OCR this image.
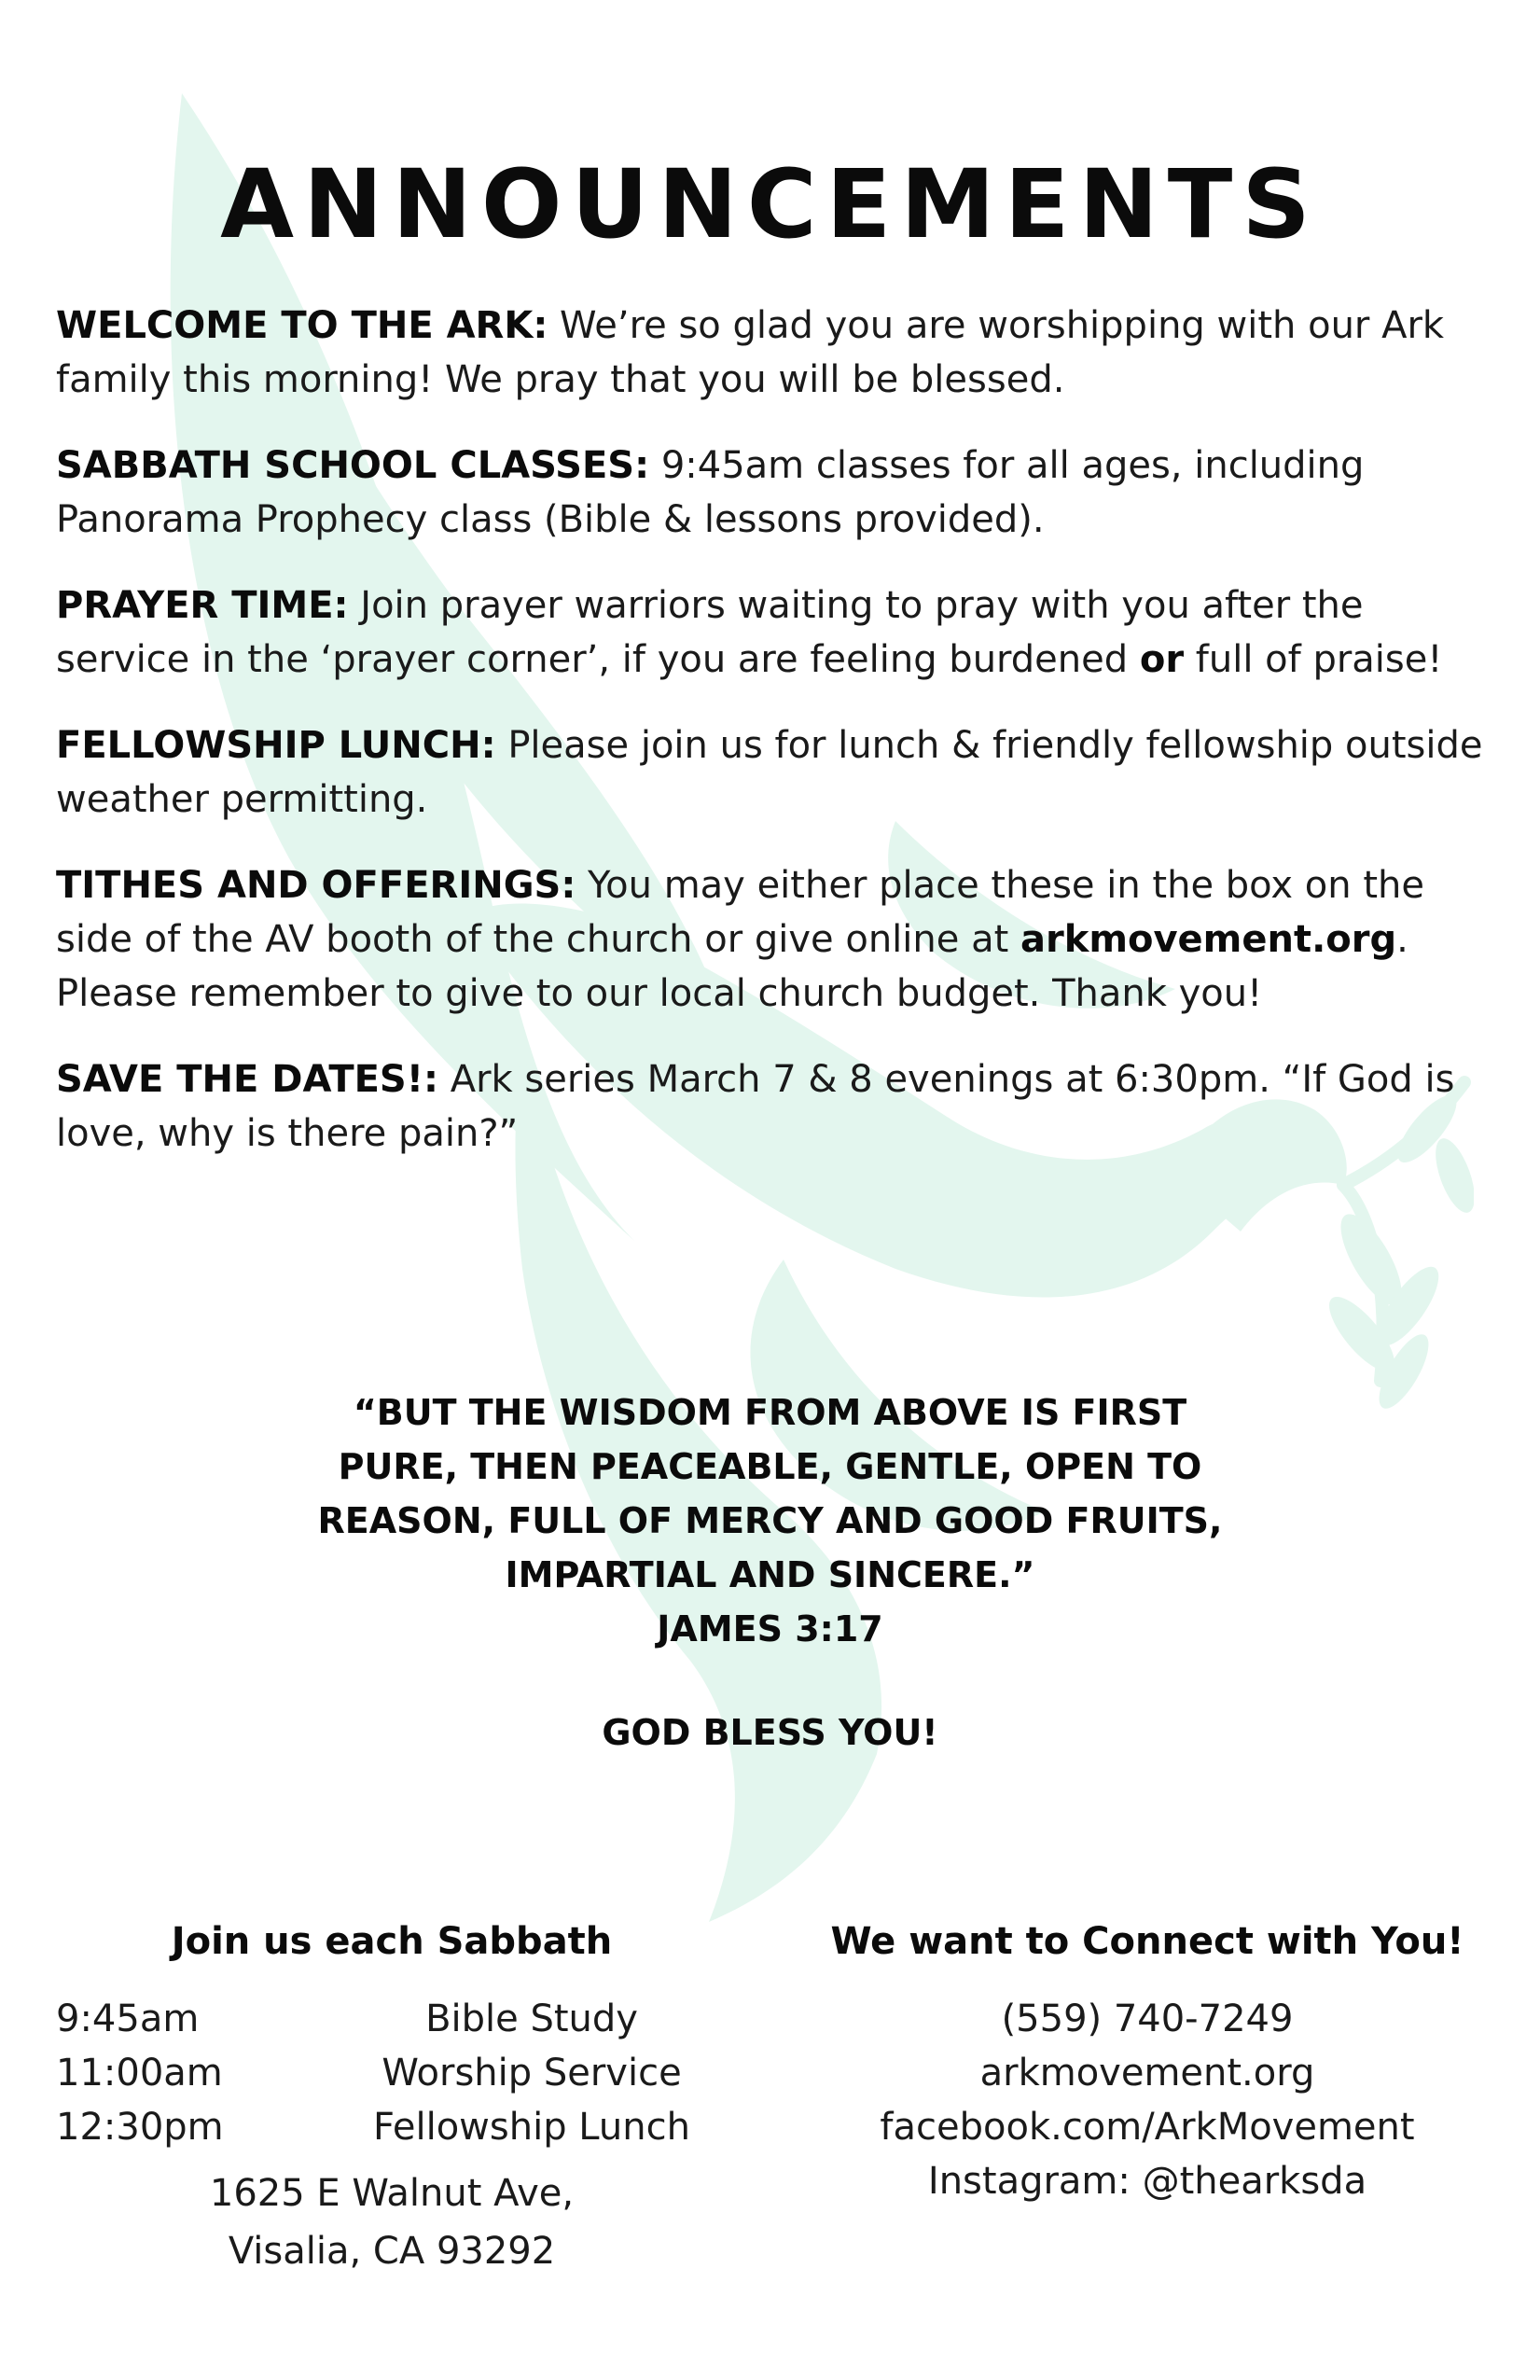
ANNOUNCEMENTS

WELCOME TO THE ARK: We’re so glad you are worshipping with our Ark family this morning! We pray that you will be blessed.

SABBATH SCHOOL CLASSES: 9:45am classes for all ages, including Panorama Prophecy class (Bible & lessons provided).

PRAYER TIME: Join prayer warriors waiting to pray with you after the service in the ‘prayer corner’, if you are feeling burdened or full of praise!

FELLOWSHIP LUNCH: Please join us for lunch & friendly fellowship outside weather permitting.

TITHES AND OFFERINGS: You may either place these in the box on the side of the AV booth of the church or give online at arkmovement.org. Please remember to give to our local church budget. Thank you!

SAVE THE DATES!: Ark series March 7 & 8 evenings at 6:30pm. “If God is love, why is there pain?”

“BUT THE WISDOM FROM ABOVE IS FIRST
PURE, THEN PEACEABLE, GENTLE, OPEN TO
REASON, FULL OF MERCY AND GOOD FRUITS,
IMPARTIAL AND SINCERE.”
JAMES 3:17
GOD BLESS YOU!
Join us each Sabbath	We want to Connect with You!
9:45am	Bible Study
11:00am	Worship Service
12:30pm	Fellowship Lunch
1625 E Walnut Ave,
Visalia, CA 93292
(559) 740-7249
arkmovement.org
facebook.com/ArkMovement
Instagram: @thearksda
